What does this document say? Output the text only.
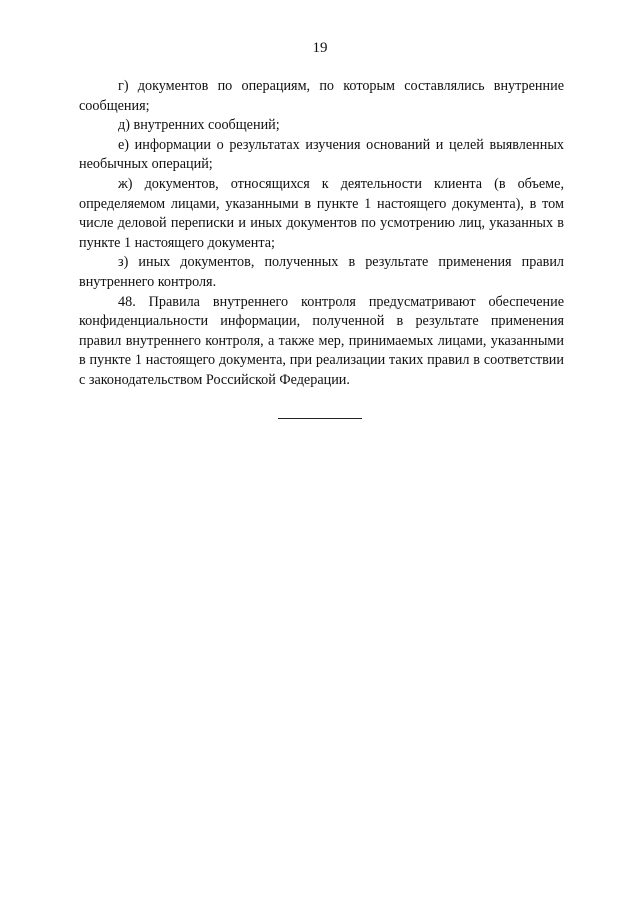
19

г) документов по операциям, по которым составлялись внутренние сообщения;

д) внутренних сообщений;

е) информации о результатах изучения оснований и целей выявленных необычных операций;

ж) документов, относящихся к деятельности клиента (в объеме, определяемом лицами, указанными в пункте 1 настоящего документа), в том числе деловой переписки и иных документов по усмотрению лиц, указанных в пункте 1 настоящего документа;

з) иных документов, полученных в результате применения правил внутреннего контроля.

48. Правила внутреннего контроля предусматривают обеспечение конфиденциальности информации, полученной в результате применения правил внутреннего контроля, а также мер, принимаемых лицами, указанными в пункте 1 настоящего документа, при реализации таких правил в соответствии с законодательством Российской Федерации.
